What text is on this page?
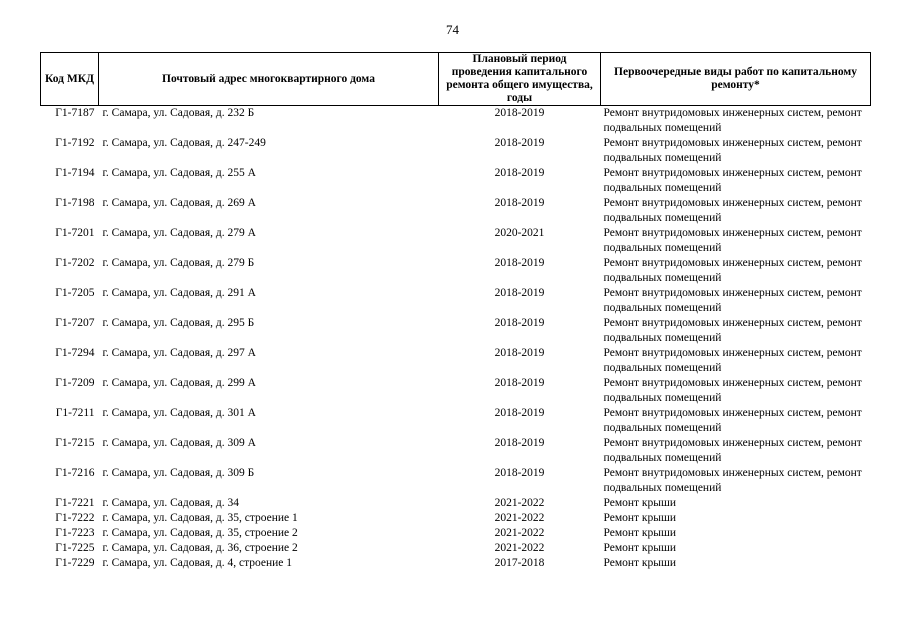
74
Код МКД	Почтовый адрес многоквартирного дома	Плановый период проведения капитального ремонта общего имущества, годы	Первоочередные виды работ по капитальному ремонту*
Г1-7187	г. Самара, ул. Садовая, д. 232 Б	2018-2019	Ремонт внутридомовых инженерных систем, ремонт подвальных помещений
Г1-7192	г. Самара, ул. Садовая, д. 247-249	2018-2019	Ремонт внутридомовых инженерных систем, ремонт подвальных помещений
Г1-7194	г. Самара, ул. Садовая, д. 255 А	2018-2019	Ремонт внутридомовых инженерных систем, ремонт подвальных помещений
Г1-7198	г. Самара, ул. Садовая, д. 269 А	2018-2019	Ремонт внутридомовых инженерных систем, ремонт подвальных помещений
Г1-7201	г. Самара, ул. Садовая, д. 279 А	2020-2021	Ремонт внутридомовых инженерных систем, ремонт подвальных помещений
Г1-7202	г. Самара, ул. Садовая, д. 279 Б	2018-2019	Ремонт внутридомовых инженерных систем, ремонт подвальных помещений
Г1-7205	г. Самара, ул. Садовая, д. 291 А	2018-2019	Ремонт внутридомовых инженерных систем, ремонт подвальных помещений
Г1-7207	г. Самара, ул. Садовая, д. 295 Б	2018-2019	Ремонт внутридомовых инженерных систем, ремонт подвальных помещений
Г1-7294	г. Самара, ул. Садовая, д. 297 А	2018-2019	Ремонт внутридомовых инженерных систем, ремонт подвальных помещений
Г1-7209	г. Самара, ул. Садовая, д. 299 А	2018-2019	Ремонт внутридомовых инженерных систем, ремонт подвальных помещений
Г1-7211	г. Самара, ул. Садовая, д. 301 А	2018-2019	Ремонт внутридомовых инженерных систем, ремонт подвальных помещений
Г1-7215	г. Самара, ул. Садовая, д. 309 А	2018-2019	Ремонт внутридомовых инженерных систем, ремонт подвальных помещений
Г1-7216	г. Самара, ул. Садовая, д. 309 Б	2018-2019	Ремонт внутридомовых инженерных систем, ремонт подвальных помещений
Г1-7221	г. Самара, ул. Садовая, д. 34	2021-2022	Ремонт крыши
Г1-7222	г. Самара, ул. Садовая, д. 35, строение 1	2021-2022	Ремонт крыши
Г1-7223	г. Самара, ул. Садовая, д. 35, строение 2	2021-2022	Ремонт крыши
Г1-7225	г. Самара, ул. Садовая, д. 36, строение 2	2021-2022	Ремонт крыши
Г1-7229	г. Самара, ул. Садовая, д. 4, строение 1	2017-2018	Ремонт крыши
